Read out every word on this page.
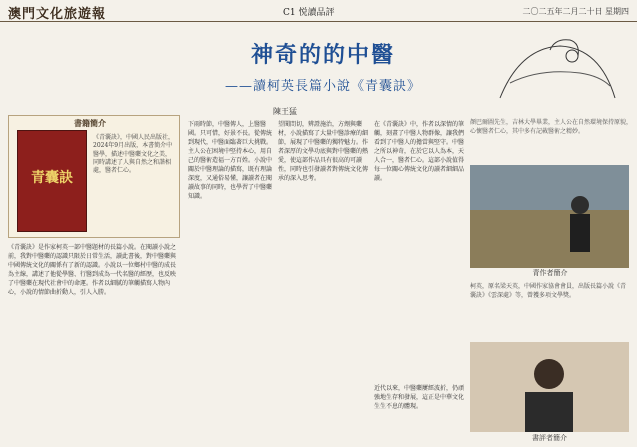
澳門文化旅遊報	C1 悦讀品評	二〇二五年二月二十日 星期四
神奇的的中醫
——讀柯英長篇小說《青囊訣》
陳王猛
顏巴爾圖先生，吉林大學畢業，主人公在自然環境保持原貌，心懷醫者仁心，其中多有記載醫術之精妙。
書籍簡介
青囊訣
《青囊訣》，中國人民出版社，2024年9月出版，本書簡介中醫學，描述中醫藥文化之美，同時講述了人與自然之和諧相處，醫者仁心。

《青囊訣》是作家柯英一部中醫題材的長篇小說。在閱讀小說之前，我對中醫藥的認識只限於日常生活，讀此書後，對中醫藥與中國傳統文化的關係有了新的認識。小說以一位鄉村中醫的成長為主線，講述了他從學醫、行醫到成為一代名醫的經歷，也反映了中醫藥在現代社會中的命運。作者以細膩的筆觸描寫人物內心，小說的情節曲折動人，引人入勝。

下雨時節，中醫傳人，上醫醫國。只可惜，好景不長。從傳統到現代，中醫面臨著巨大挑戰。主人公在困境中堅持本心，用自己的醫術造福一方百姓。小說中關於中醫理論的描寫，既有理論深度，又通俗易懂，讓讀者在閱讀故事的同時，也學習了中醫藥知識。

望聞問切，辨證施治，方劑與藥材，小說描寫了大量中醫診療的細節，展現了中醫藥的獨特魅力。作者深厚的文學功底與對中醫藥的熱愛，使這部作品具有很高的可讀性，同時也引發讀者對傳統文化傳承的深入思考。

在《青囊訣》中，作者以深情的筆觸，刻畫了中醫人物群像，讓我們看到了中醫人的擔當與堅守。中醫之所以神奇，在於它以人為本，天人合一，醫者仁心。這部小說值得每一位關心傳統文化的讀者細細品讀。

近代以來，中醫藥屢經波折，仍頑強地生存和發展，這正是中華文化生生不息的體現。
青作者簡介
柯英，原名梁天英，中國作家協會會員，出版長篇小說《青囊訣》《雲深處》等，曾獲多項文學獎。
書評者簡介
